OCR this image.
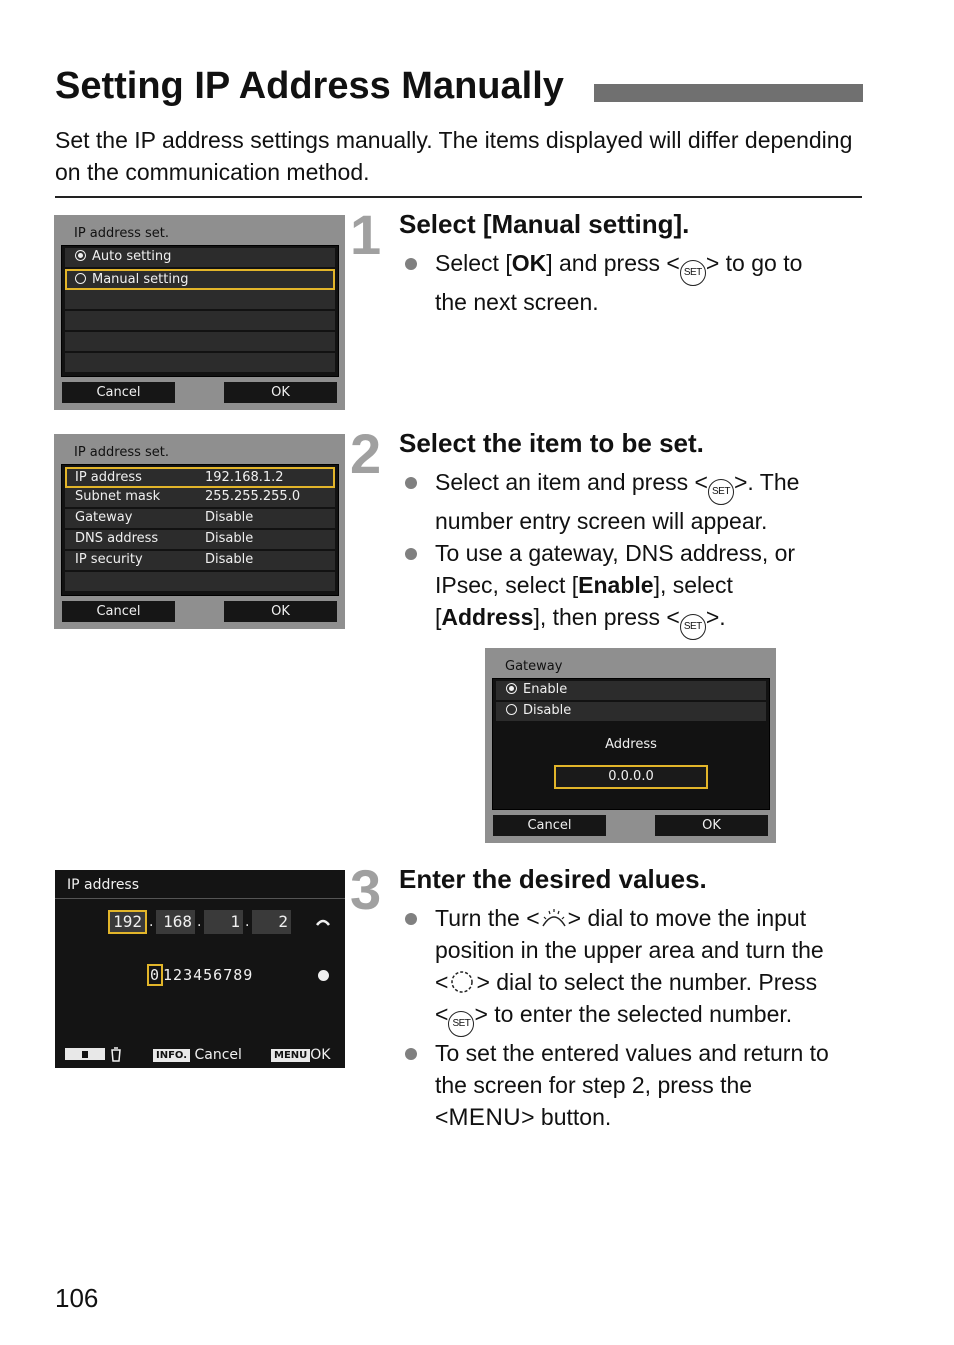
Setting IP Address Manually

Set the IP address settings manually. The items displayed will differ depending on the communication method.

IP address set.
Auto setting
Manual setting
Cancel	OK
1 Select [Manual setting].
Select [OK] and press < SET > to go to the next screen.
IP address set.
IP address	192.168.1.2
Subnet mask	255.255.255.0
Gateway	Disable
DNS address	Disable
IP security	Disable
Cancel	OK
2 Select the item to be set.
Select an item and press < SET >. The number entry screen will appear.
To use a gateway, DNS address, or IPsec, select [Enable], select [Address], then press < SET >.
Gateway
Enable
Disable
Address
0.0.0.0
Cancel	OK
IP address
192 . 168 .	1 .	2
0 123456789
INFO. Cancel	MENU OK
3 Enter the desired values.
Turn the < > dial to move the input position in the upper area and turn the < > dial to select the number. Press < SET > to enter the selected number.
To set the entered values and return to the screen for step 2, press the <MENU> button.
106
